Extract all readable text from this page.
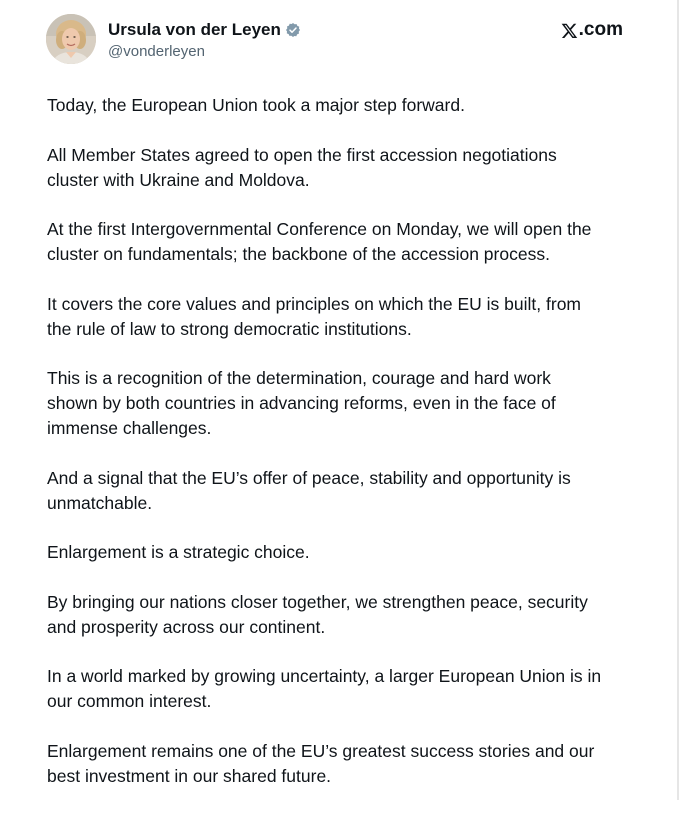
Ursula von der Leyen
@vonderleyen
.com

Today, the European Union took a major step forward.

All Member States agreed to open the first accession negotiations
cluster with Ukraine and Moldova.

At the first Intergovernmental Conference on Monday, we will open the
cluster on fundamentals; the backbone of the accession process.

It covers the core values and principles on which the EU is built, from
the rule of law to strong democratic institutions.

This is a recognition of the determination, courage and hard work
shown by both countries in advancing reforms, even in the face of
immense challenges.

And a signal that the EU’s offer of peace, stability and opportunity is
unmatchable.

Enlargement is a strategic choice.

By bringing our nations closer together, we strengthen peace, security
and prosperity across our continent.

In a world marked by growing uncertainty, a larger European Union is in
our common interest.

Enlargement remains one of the EU’s greatest success stories and our
best investment in our shared future.
